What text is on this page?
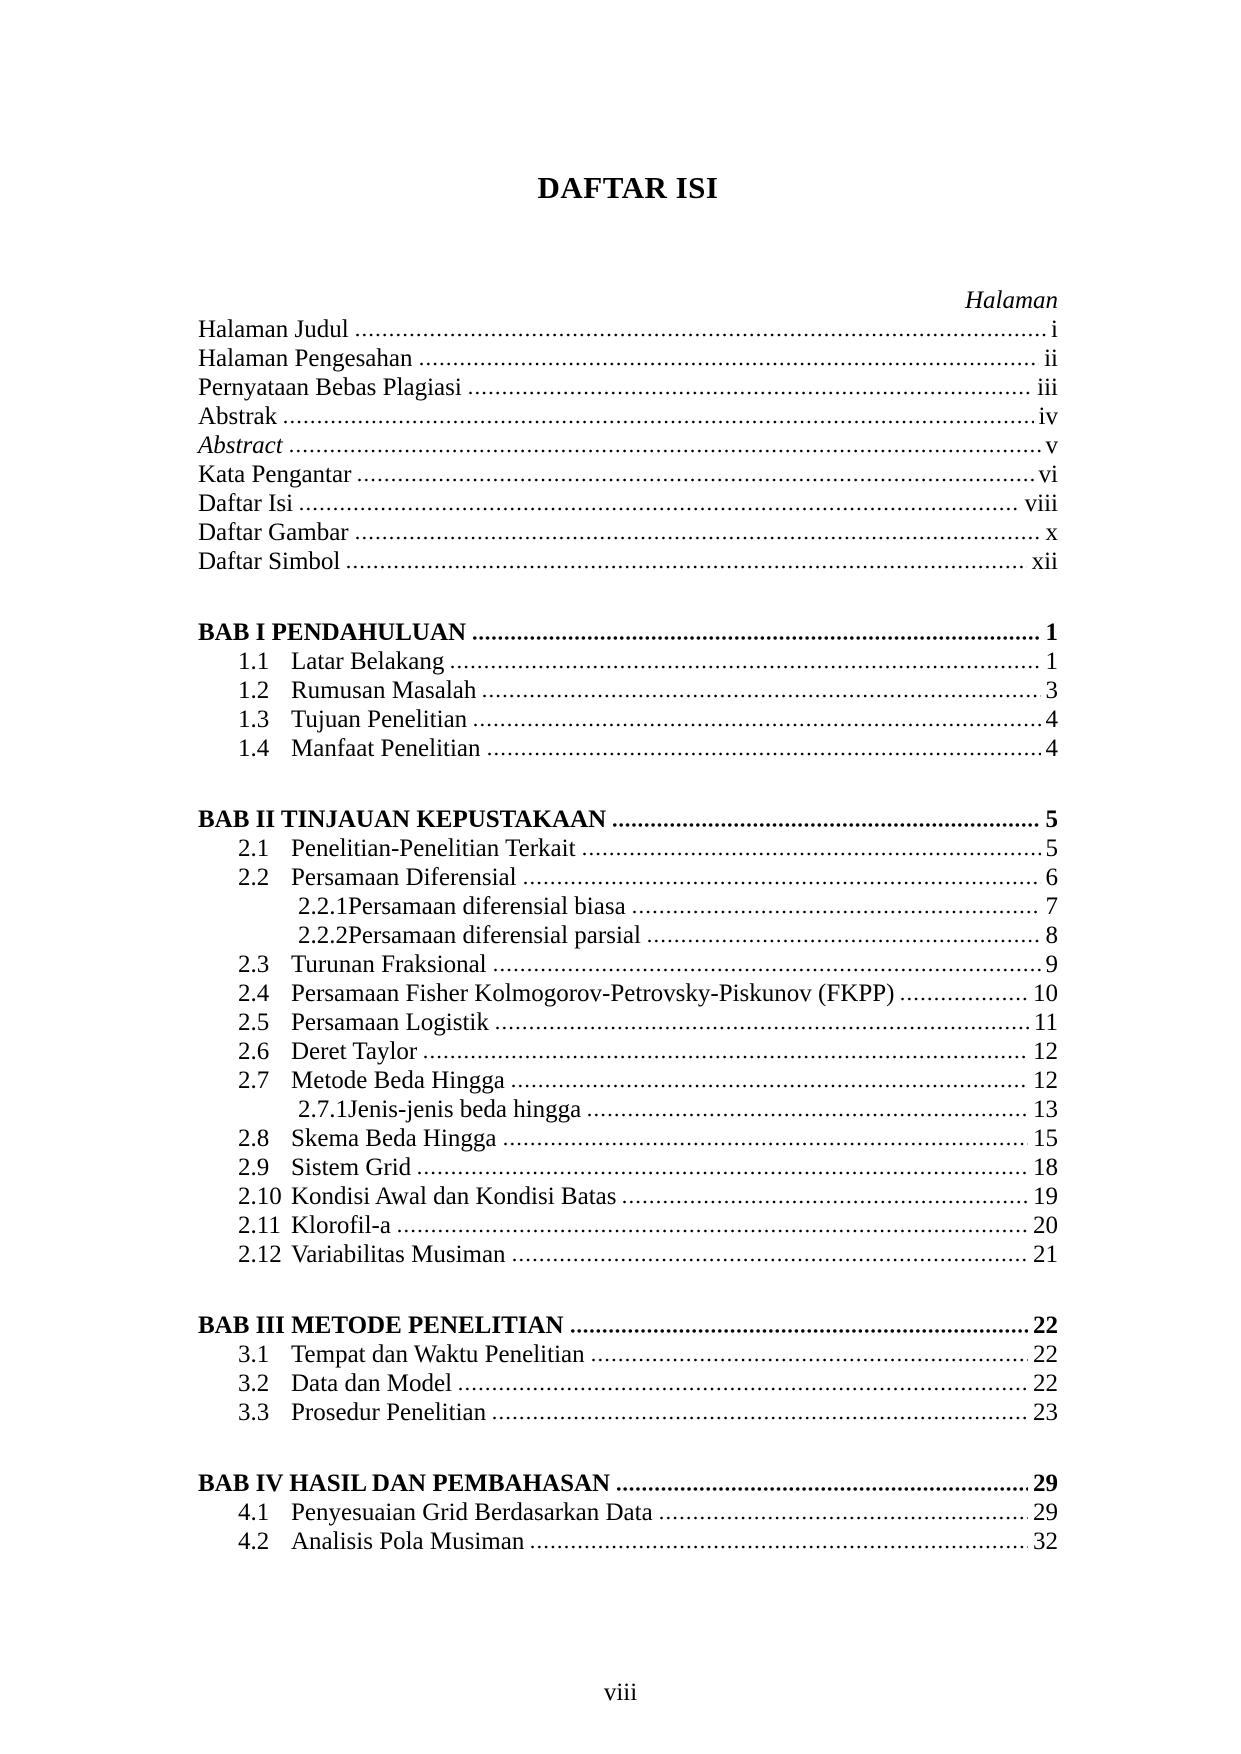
DAFTAR ISI
Halaman
Halaman Judul	i
Halaman Pengesahan	ii
Pernyataan Bebas Plagiasi	iii
Abstrak	iv
Abstract	v
Kata Pengantar	vi
Daftar Isi	viii
Daftar Gambar	x
Daftar Simbol	xii
BAB I PENDAHULUAN	1
1.1 Latar Belakang	1
1.2 Rumusan Masalah	3
1.3 Tujuan Penelitian	4
1.4 Manfaat Penelitian	4
BAB II TINJAUAN KEPUSTAKAAN	5
2.1 Penelitian-Penelitian Terkait	5
2.2 Persamaan Diferensial	6
2.2.1 Persamaan diferensial biasa	7
2.2.2 Persamaan diferensial parsial	8
2.3 Turunan Fraksional	9
2.4 Persamaan Fisher Kolmogorov-Petrovsky-Piskunov (FKPP)	10
2.5 Persamaan Logistik	11
2.6 Deret Taylor	12
2.7 Metode Beda Hingga	12
2.7.1 Jenis-jenis beda hingga	13
2.8 Skema Beda Hingga	15
2.9 Sistem Grid	18
2.10 Kondisi Awal dan Kondisi Batas	19
2.11 Klorofil-a	20
2.12 Variabilitas Musiman	21
BAB III METODE PENELITIAN	22
3.1 Tempat dan Waktu Penelitian	22
3.2 Data dan Model	22
3.3 Prosedur Penelitian	23
BAB IV HASIL DAN PEMBAHASAN	29
4.1 Penyesuaian Grid Berdasarkan Data	29
4.2 Analisis Pola Musiman	32
viii
